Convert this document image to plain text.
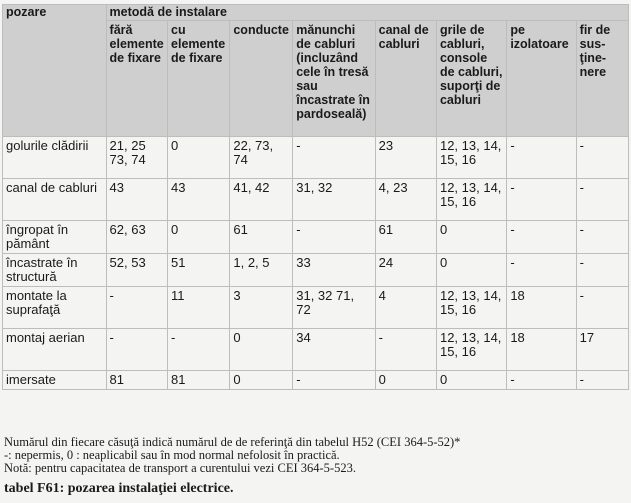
pozare	metodă de instalare							
	fără elemente de fixare	cu elemente de fixare	conducte	mănunchi de cabluri (incluzând cele în tresă sau încastrate în pardoseală)	canal de cabluri	grile de cabluri, console de cabluri, suporţi de cabluri	pe izolatoare	fir de sus-ţine-nere
golurile clădirii	21, 25 73, 74	0	22, 73, 74	-	23	12, 13, 14, 15, 16	-	-
canal de cabluri	43	43	41, 42	31, 32	4, 23	12, 13, 14, 15, 16	-	-
îngropat în pământ	62, 63	0	61	-	61	0	-	-
încastrate în structură	52, 53	51	1, 2, 5	33	24	0	-	-
montate la suprafaţă	-	11	3	31, 32 71, 72	4	12, 13, 14, 15, 16	18	-
montaj aerian	-	-	0	34	-	12, 13, 14, 15, 16	18	17
imersate	81	81	0	-	0	0	-	-
Numărul din fiecare căsuţă indică numărul de de referinţă din tabelul H52 (CEI 364-5-52)*
-: nepermis, 0 : neaplicabil sau în mod normal nefolosit în practică.
Notă: pentru capacitatea de transport a curentului vezi CEI 364-5-523.
tabel F61: pozarea instalaţiei electrice.
